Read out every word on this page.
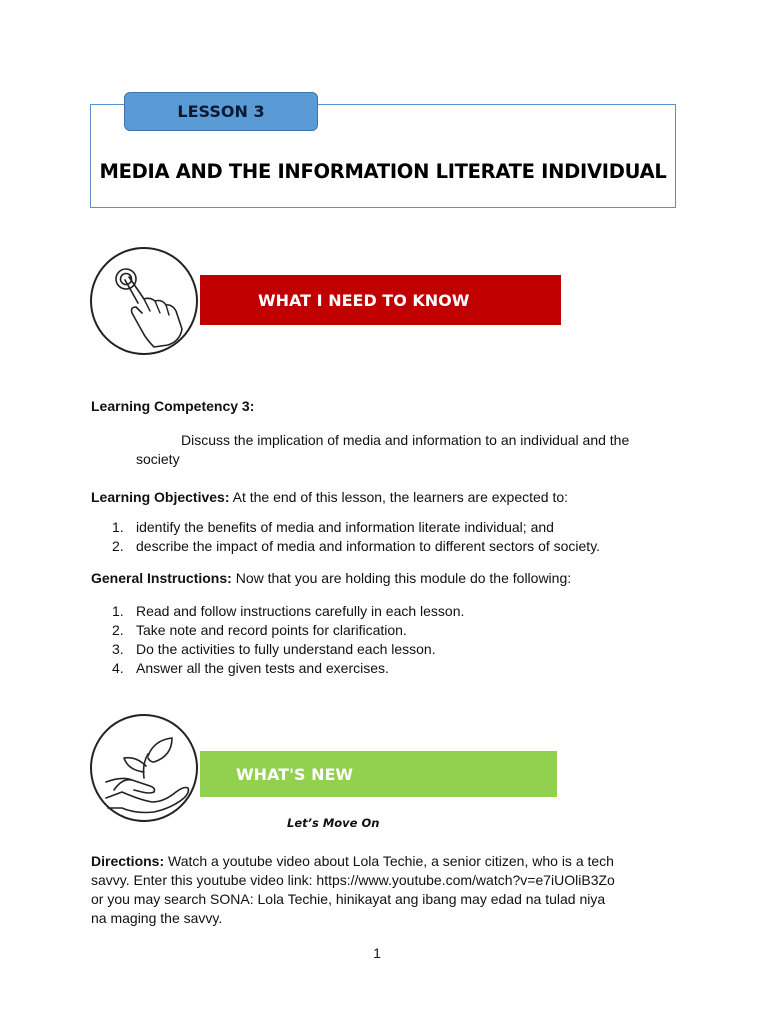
LESSON 3
MEDIA AND THE INFORMATION LITERATE INDIVIDUAL
WHAT I NEED TO KNOW
Learning Competency 3:
Discuss the implication of media and information to an individual and the
society
Learning Objectives: At the end of this lesson, the learners are expected to:
1. identify the benefits of media and information literate individual; and
2. describe the impact of media and information to different sectors of society.
General Instructions: Now that you are holding this module do the following:
1. Read and follow instructions carefully in each lesson.
2. Take note and record points for clarification.
3. Do the activities to fully understand each lesson.
4. Answer all the given tests and exercises.
WHAT'S NEW
Let’s Move On
Directions: Watch a youtube video about Lola Techie, a senior citizen, who is a tech
savvy. Enter this youtube video link: https://www.youtube.com/watch?v=e7iUOliB3Zo
or you may search SONA: Lola Techie, hinikayat ang ibang may edad na tulad niya
na maging the savvy.
1
